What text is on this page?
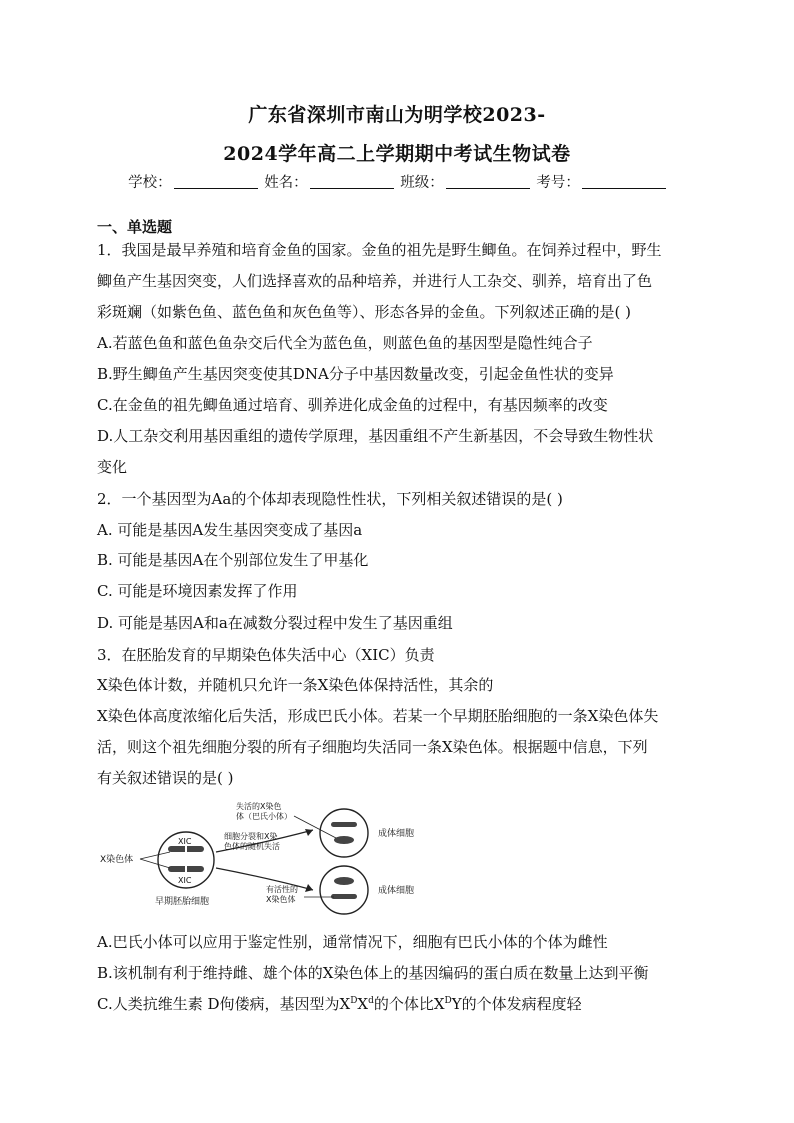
广东省深圳市南山为明学校2023-
2024学年高二上学期期中考试生物试卷
学校：	姓名：	班级：	考号：
一、单选题
1．我国是最早养殖和培育金鱼的国家。金鱼的祖先是野生鲫鱼。在饲养过程中，野生
鲫鱼产生基因突变，人们选择喜欢的品种培养，并进行人工杂交、驯养，培育出了色
彩斑斓（如紫色鱼、蓝色鱼和灰色鱼等）、形态各异的金鱼。下列叙述正确的是( )
A.若蓝色鱼和蓝色鱼杂交后代全为蓝色鱼，则蓝色鱼的基因型是隐性纯合子
B.野生鲫鱼产生基因突变使其DNA分子中基因数量改变，引起金鱼性状的变异
C.在金鱼的祖先鲫鱼通过培育、驯养进化成金鱼的过程中，有基因频率的改变
D.人工杂交利用基因重组的遗传学原理，基因重组不产生新基因，不会导致生物性状
变化
2．一个基因型为Aa的个体却表现隐性性状，下列相关叙述错误的是( )
A. 可能是基因A发生基因突变成了基因a
B. 可能是基因A在个别部位发生了甲基化
C. 可能是环境因素发挥了作用
D. 可能是基因A和a在减数分裂过程中发生了基因重组
3．在胚胎发育的早期染色体失活中心（XIC）负责
X染色体计数，并随机只允许一条X染色体保持活性，其余的
X染色体高度浓缩化后失活，形成巴氏小体。若某一个早期胚胎细胞的一条X染色体失
活，则这个祖先细胞分裂的所有子细胞均失活同一条X染色体。根据题中信息，下列
有关叙述错误的是( )
XIC
XIC
X染色体
早期胚胎细胞
细胞分裂和X染
色体的随机失活
成体细胞
失活的X染色
体（巴氏小体）
成体细胞
有活性的
X染色体
A.巴氏小体可以应用于鉴定性别，通常情况下，细胞有巴氏小体的个体为雌性
B.该机制有利于维持雌、雄个体的X染色体上的基因编码的蛋白质在数量上达到平衡
C.人类抗维生素 D佝偻病，基因型为$X^DX^d$的个体比$X^DY$的个体发病程度轻
